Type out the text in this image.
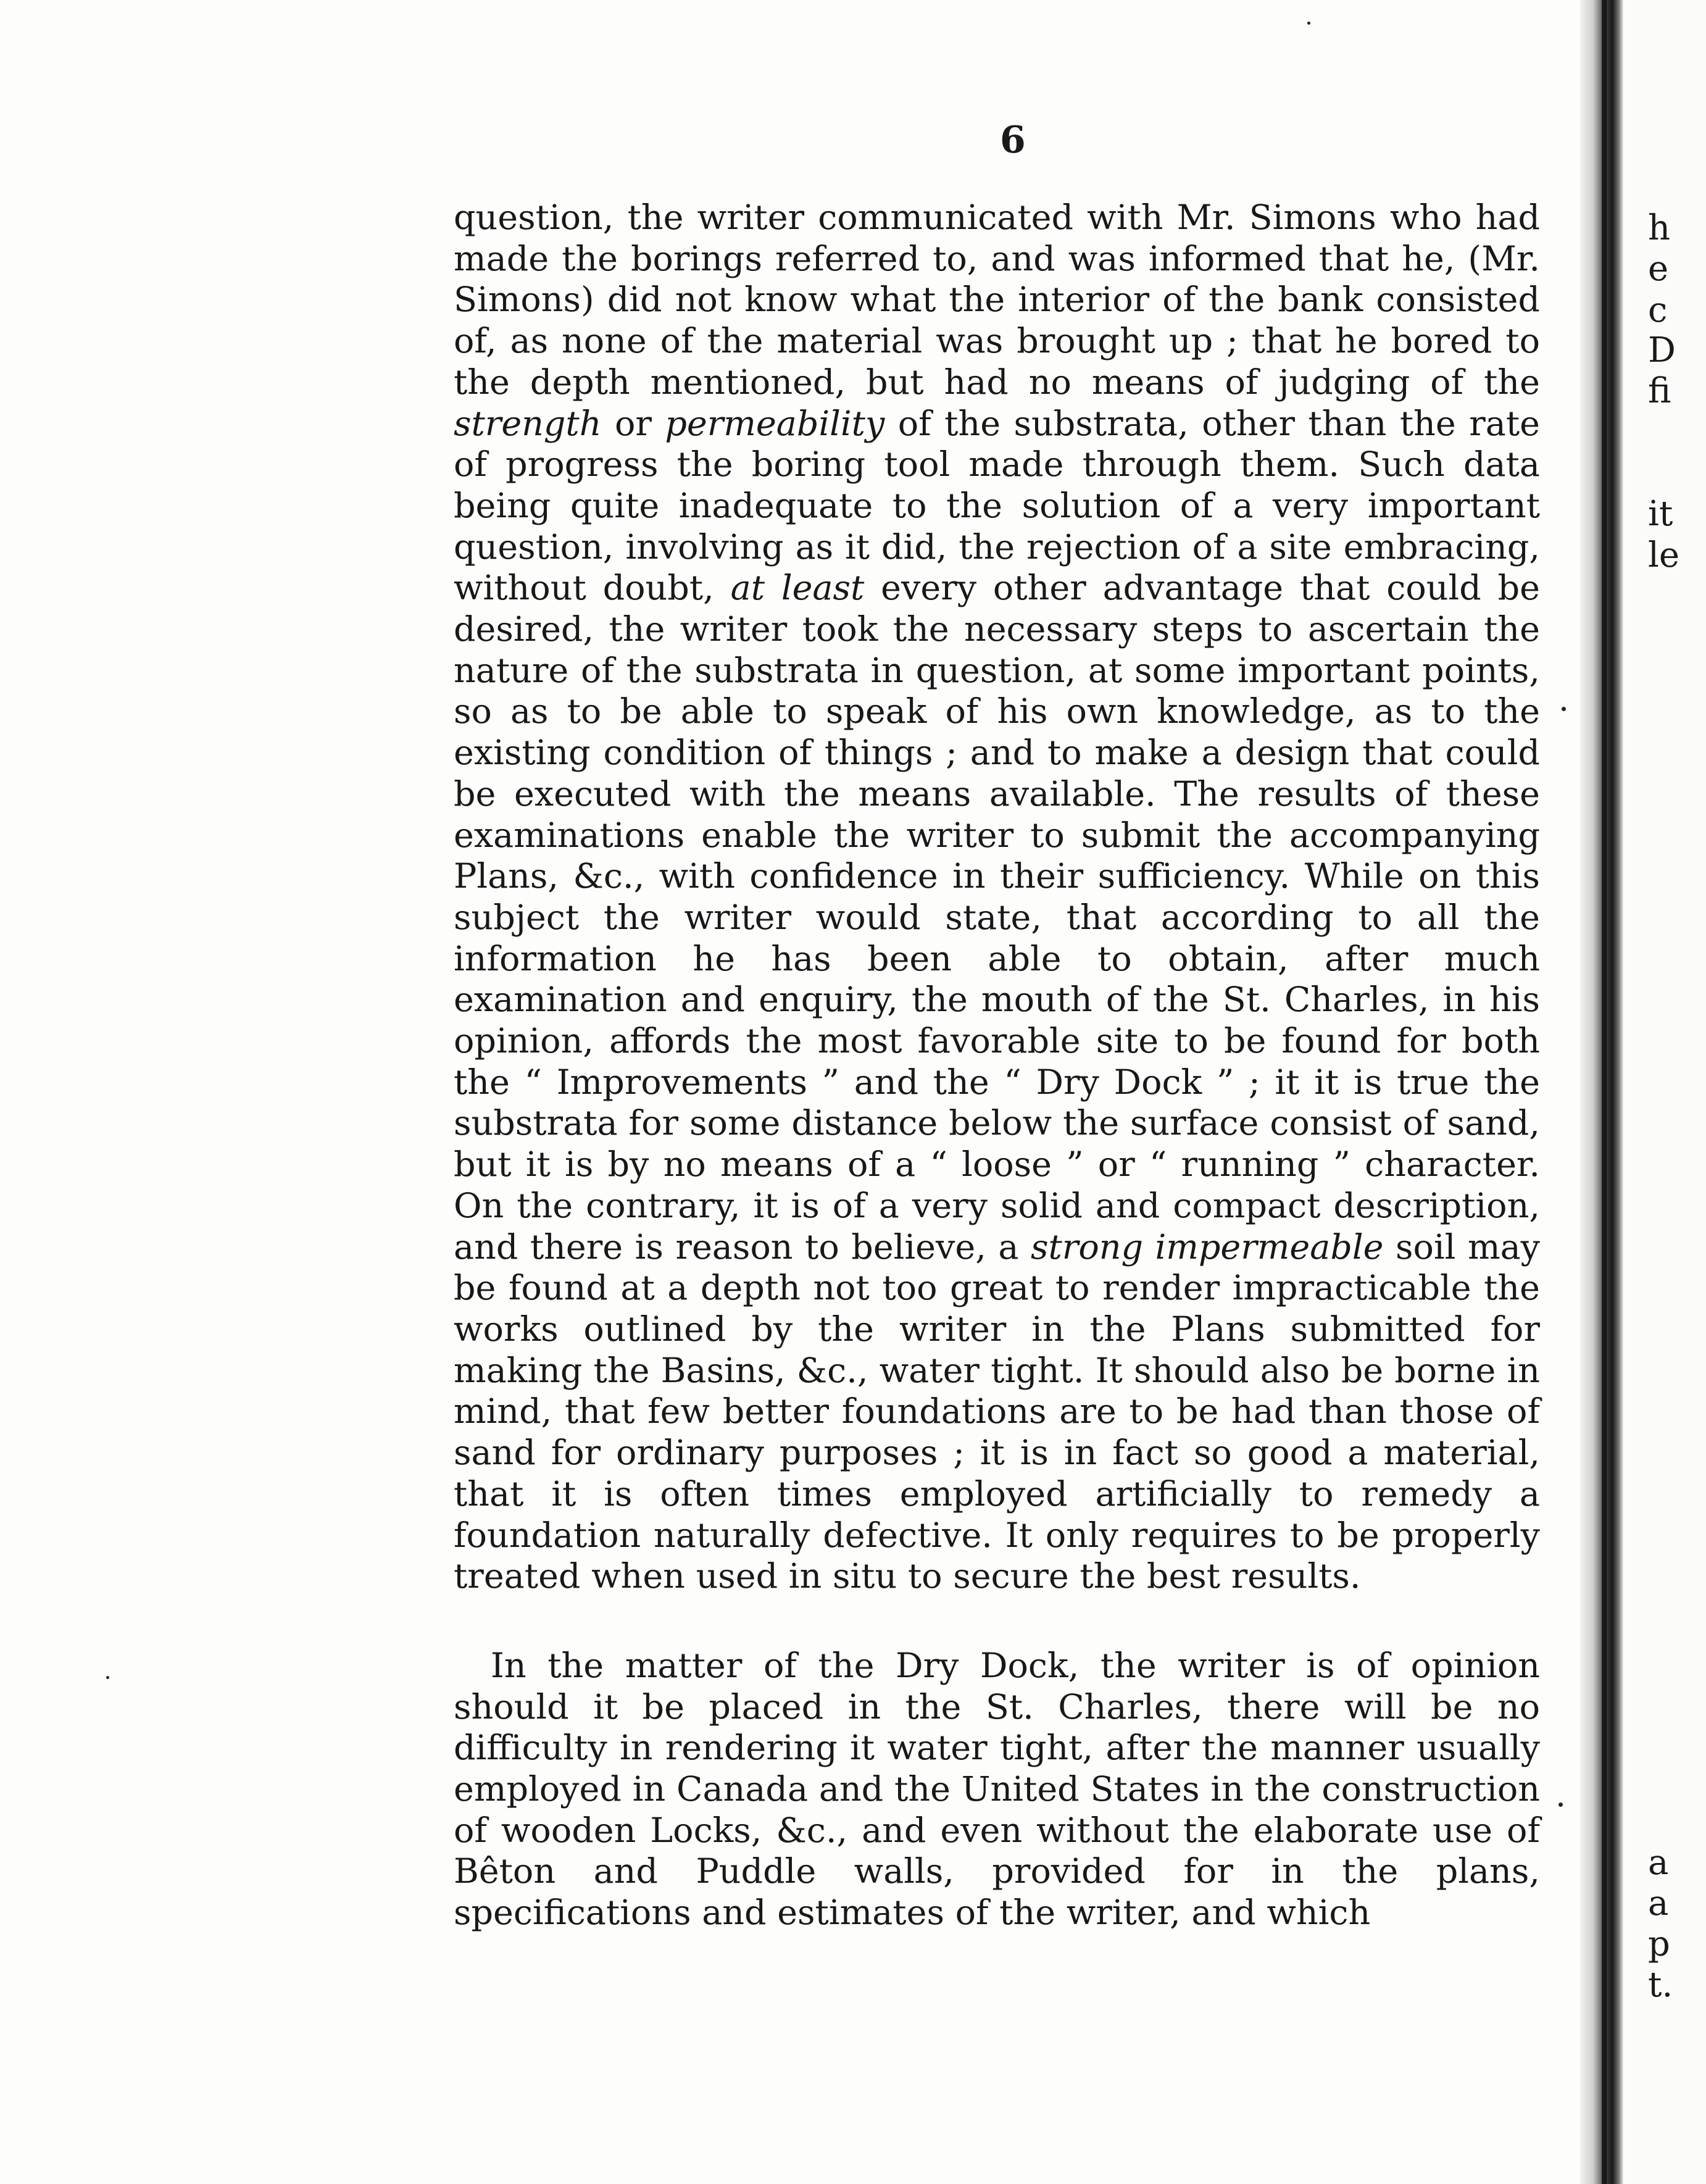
6

question, the writer communicated with Mr. Simons who had made the borings referred to, and was informed that he, (Mr. Simons) did not know what the interior of the bank consisted of, as none of the material was brought up ; that he bored to the depth mentioned, but had no means of judging of the strength or permeability of the substrata, other than the rate of progress the boring tool made through them. Such data being quite inadequate to the solution of a very important question, involving as it did, the rejection of a site embracing, without doubt, at least every other advantage that could be desired, the writer took the necessary steps to ascertain the nature of the substrata in question, at some important points, so as to be able to speak of his own knowledge, as to the existing condition of things ; and to make a design that could be executed with the means available. The results of these examinations enable the writer to submit the accompanying Plans, &c., with confidence in their sufficiency. While on this subject the writer would state, that according to all the information he has been able to obtain, after much examination and enquiry, the mouth of the St. Charles, in his opinion, affords the most favorable site to be found for both the “ Improvements ” and the “ Dry Dock ” ; it it is true the substrata for some distance below the surface consist of sand, but it is by no means of a “ loose ” or “ running ” character. On the contrary, it is of a very solid and compact description, and there is reason to believe, a strong impermeable soil may be found at a depth not too great to render impracticable the works outlined by the writer in the Plans submitted for making the Basins, &c., water tight. It should also be borne in mind, that few better foundations are to be had than those of sand for ordinary purposes ; it is in fact so good a material, that it is often times employed artificially to remedy a foundation naturally defective. It only requires to be properly treated when used in situ to secure the best results.

In the matter of the Dry Dock, the writer is of opinion should it be placed in the St. Charles, there will be no difficulty in rendering it water tight, after the manner usually employed in Canada and the United States in the construction of wooden Locks, &c., and even without the elaborate use of Bêton and Puddle walls, provided for in the plans, specifications and estimates of the writer, and which

h
e
c
D
fi
it
le
a
a
p
t.
